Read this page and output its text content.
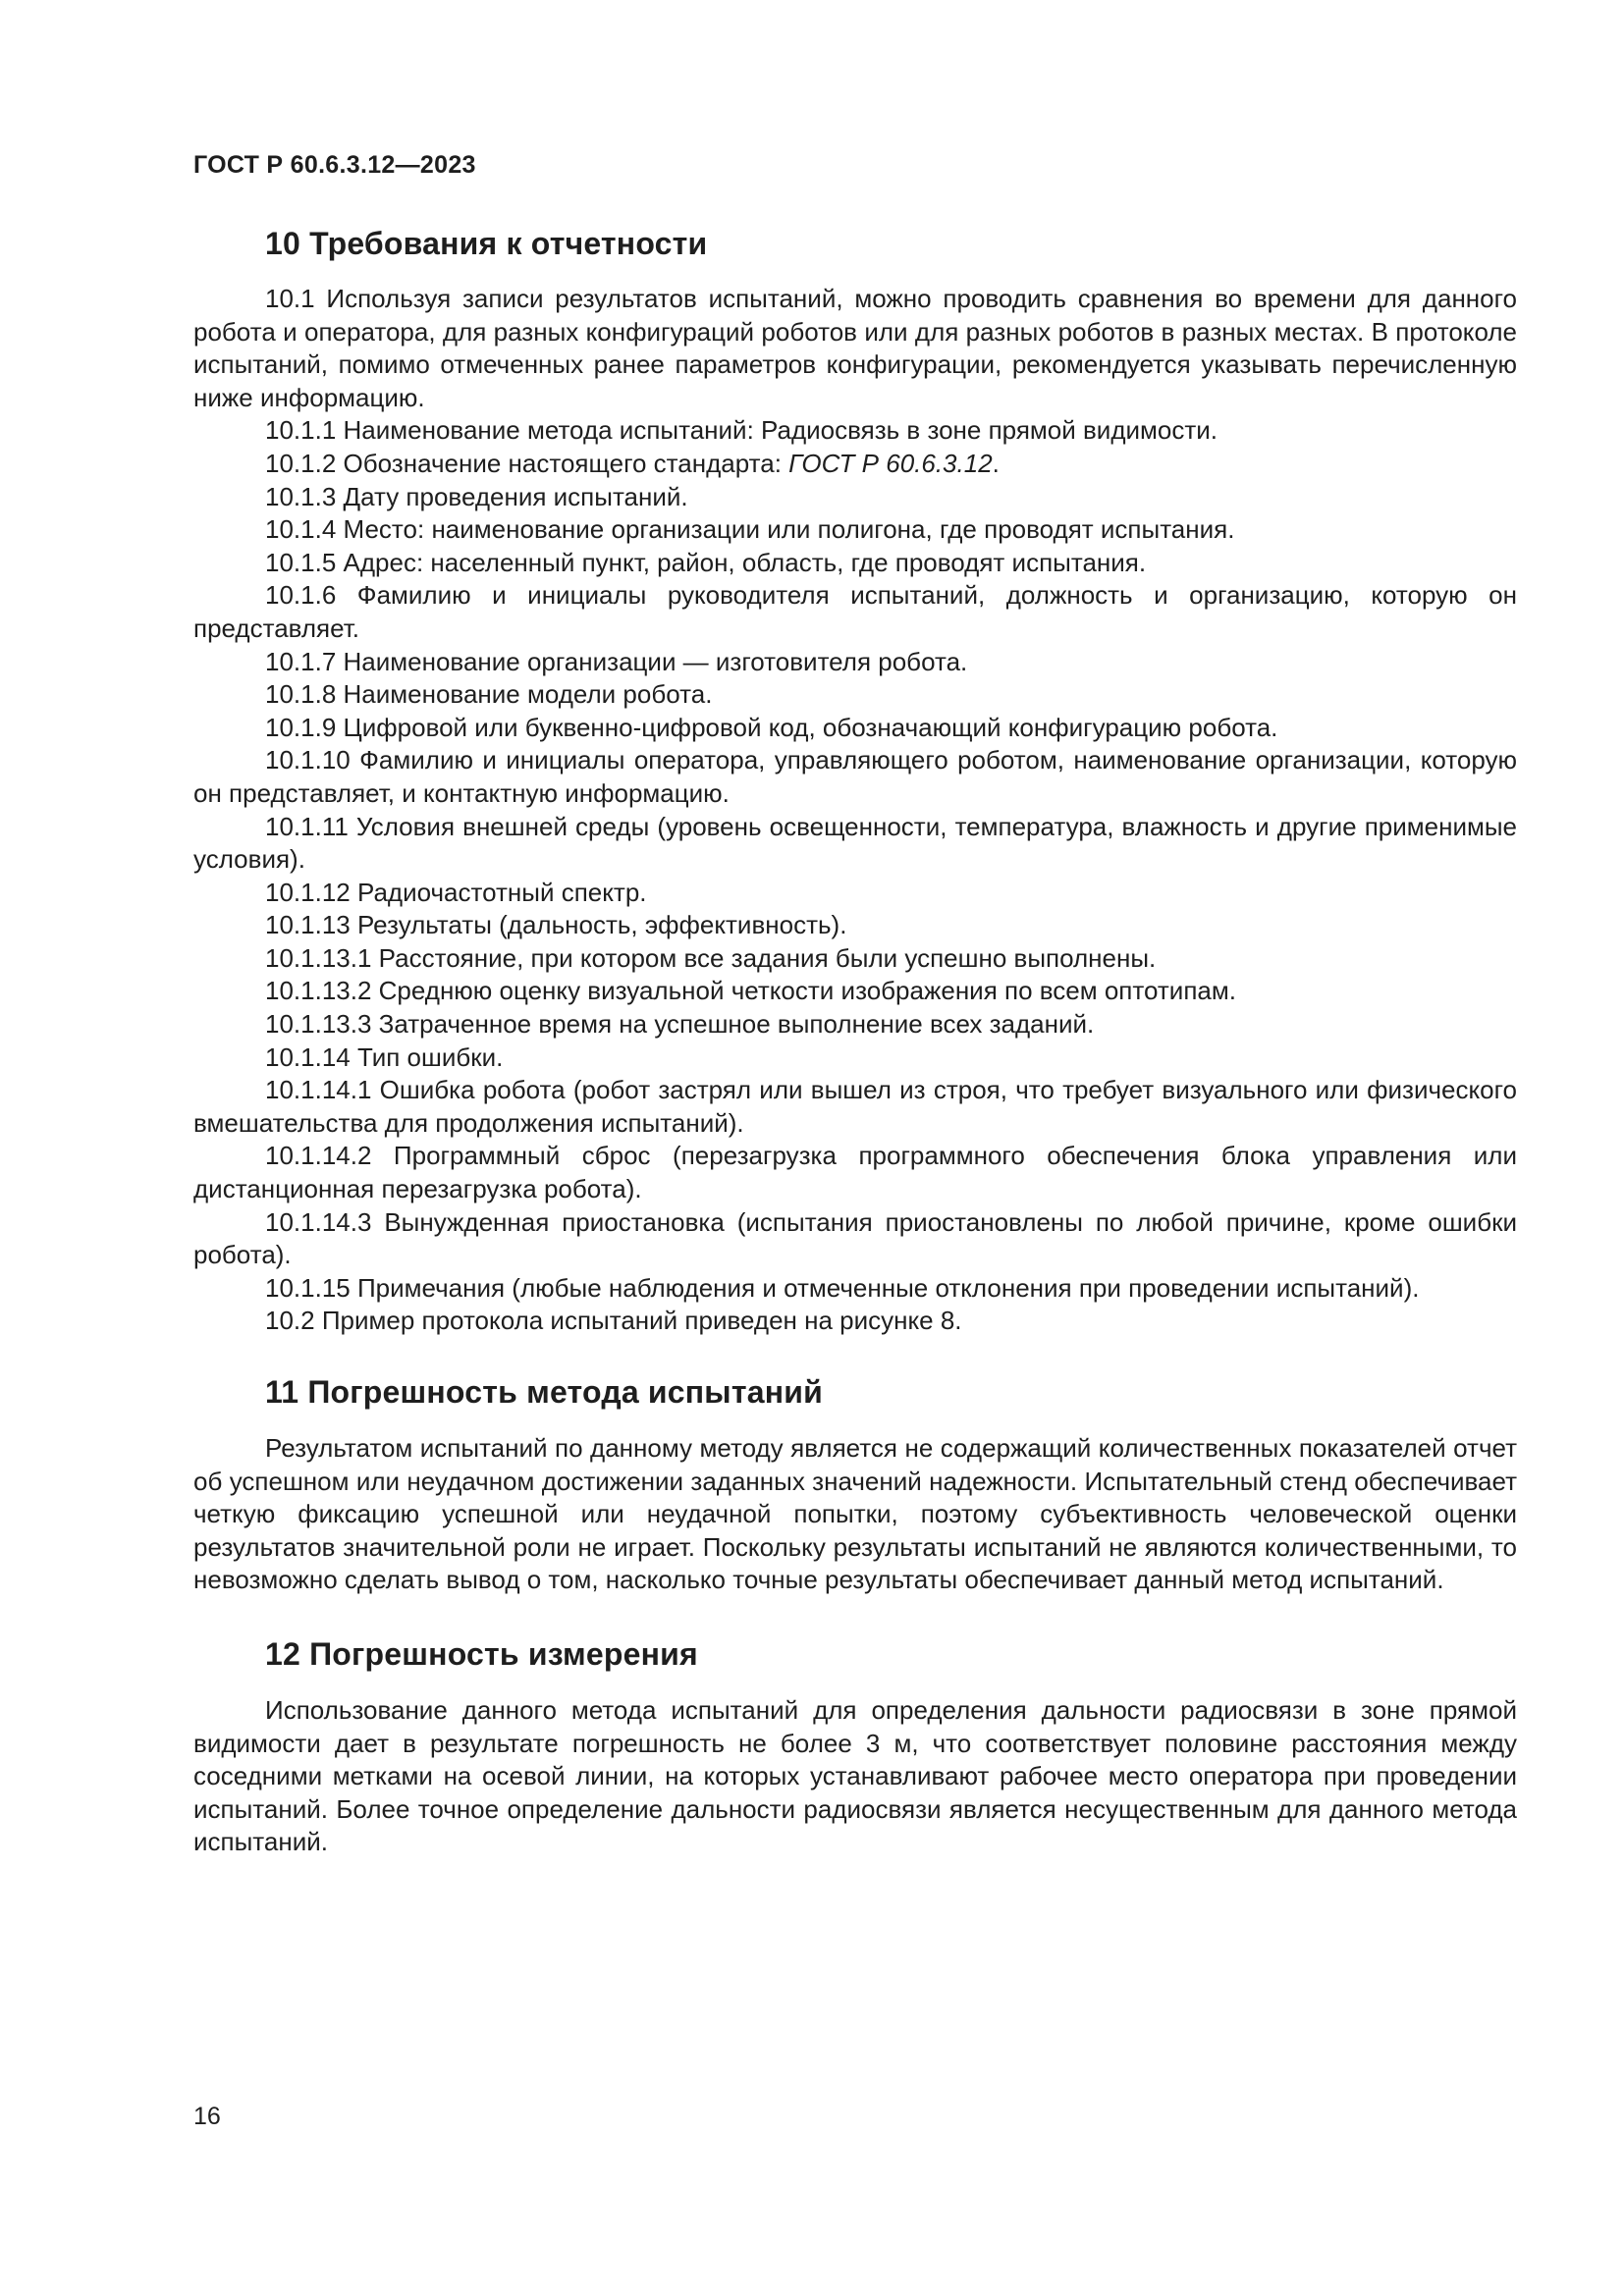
ГОСТ Р 60.6.3.12—2023
10 Требования к отчетности

10.1 Используя записи результатов испытаний, можно проводить сравнения во времени для данного робота и оператора, для разных конфигураций роботов или для разных роботов в разных местах. В протоколе испытаний, помимо отмеченных ранее параметров конфигурации, рекомендуется указывать перечисленную ниже информацию.

10.1.1 Наименование метода испытаний: Радиосвязь в зоне прямой видимости.

10.1.2 Обозначение настоящего стандарта: ГОСТ Р 60.6.3.12.

10.1.3 Дату проведения испытаний.

10.1.4 Место: наименование организации или полигона, где проводят испытания.

10.1.5 Адрес: населенный пункт, район, область, где проводят испытания.

10.1.6 Фамилию и инициалы руководителя испытаний, должность и организацию, которую он представляет.

10.1.7 Наименование организации — изготовителя робота.

10.1.8 Наименование модели робота.

10.1.9 Цифровой или буквенно-цифровой код, обозначающий конфигурацию робота.

10.1.10 Фамилию и инициалы оператора, управляющего роботом, наименование организации, которую он представляет, и контактную информацию.

10.1.11 Условия внешней среды (уровень освещенности, температура, влажность и другие применимые условия).

10.1.12 Радиочастотный спектр.

10.1.13 Результаты (дальность, эффективность).

10.1.13.1 Расстояние, при котором все задания были успешно выполнены.

10.1.13.2 Среднюю оценку визуальной четкости изображения по всем оптотипам.

10.1.13.3 Затраченное время на успешное выполнение всех заданий.

10.1.14 Тип ошибки.

10.1.14.1 Ошибка робота (робот застрял или вышел из строя, что требует визуального или физического вмешательства для продолжения испытаний).

10.1.14.2 Программный сброс (перезагрузка программного обеспечения блока управления или дистанционная перезагрузка робота).

10.1.14.3 Вынужденная приостановка (испытания приостановлены по любой причине, кроме ошибки робота).

10.1.15 Примечания (любые наблюдения и отмеченные отклонения при проведении испытаний).

10.2 Пример протокола испытаний приведен на рисунке 8.

11 Погрешность метода испытаний

Результатом испытаний по данному методу является не содержащий количественных показателей отчет об успешном или неудачном достижении заданных значений надежности. Испытательный стенд обеспечивает четкую фиксацию успешной или неудачной попытки, поэтому субъективность человеческой оценки результатов значительной роли не играет. Поскольку результаты испытаний не являются количественными, то невозможно сделать вывод о том, насколько точные результаты обеспечивает данный метод испытаний.

12 Погрешность измерения

Использование данного метода испытаний для определения дальности радиосвязи в зоне прямой видимости дает в результате погрешность не более 3 м, что соответствует половине расстояния между соседними метками на осевой линии, на которых устанавливают рабочее место оператора при проведении испытаний. Более точное определение дальности радиосвязи является несущественным для данного метода испытаний.

16
